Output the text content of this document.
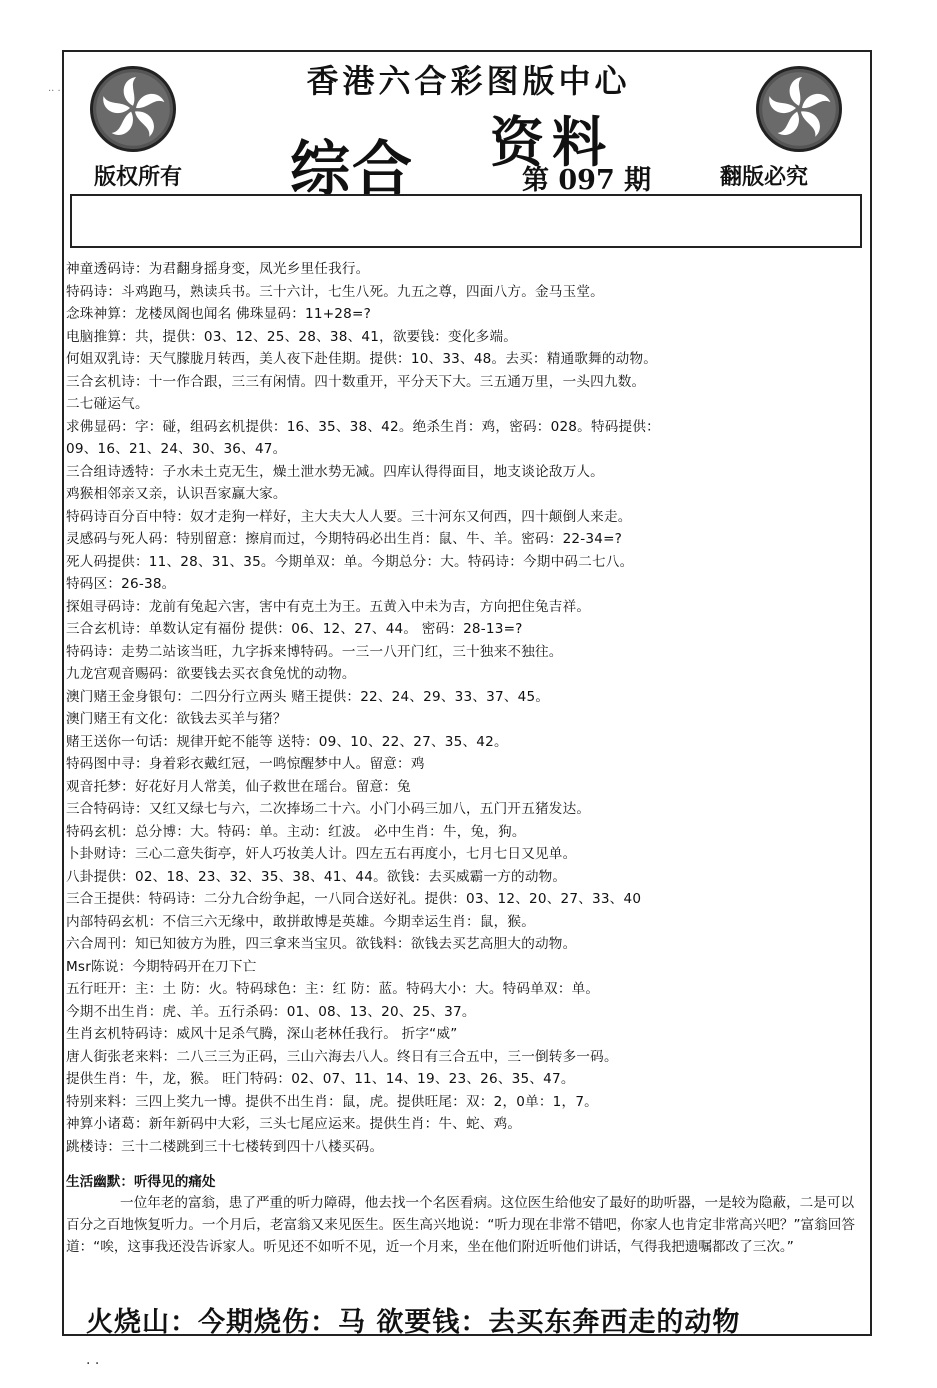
·· ·	香港六合彩图版中心
综合 资料
第 097 期
版权所有	翻版必究
神童透码诗：为君翻身摇身变，凤光乡里任我行。
特码诗：斗鸡跑马，熟读兵书。三十六计，七生八死。九五之尊，四面八方。金马玉堂。
念珠神算：龙楼凤阁也闻名 佛珠显码：11+28=?
电脑推算：共，提供：03、12、25、28、38、41，欲要钱：变化多端。
何姐双乳诗：天气朦胧月转西，美人夜下赴佳期。提供：10、33、48。去买：精通歌舞的动物。
三合玄机诗：十一作合跟，三三有闲情。四十数重开，平分天下大。三五通万里，一头四九数。
二七碰运气。
求佛显码：字：碰，组码玄机提供：16、35、38、42。绝杀生肖：鸡，密码：028。特码提供：
09、16、21、24、30、36、47。
三合组诗透特：子水未土克无生，燥土泄水势无减。四库认得得面目，地支谈论敌万人。
鸡猴相邻亲又亲，认识吾家赢大家。
特码诗百分百中特：奴才走狗一样好，主大夫大人人要。三十河东又何西，四十颠倒人来走。
灵感码与死人码：特别留意：擦肩而过，今期特码必出生肖：鼠、牛、羊。密码：22-34=?
死人码提供：11、28、31、35。今期单双：单。今期总分：大。特码诗：今期中码二七八。
特码区：26-38。
探姐寻码诗：龙前有兔起六害，害中有克土为王。五黄入中未为吉，方向把住兔吉祥。
三合玄机诗：单数认定有福份 提供：06、12、27、44。 密码：28-13=?
特码诗：走势二站该当旺，九字拆来博特码。一三一八开门红，三十独来不独往。
九龙宫观音赐码：欲要钱去买衣食兔忧的动物。
澳门赌王金身银句：二四分行立两头 赌王提供：22、24、29、33、37、45。
澳门赌王有文化：欲钱去买羊与猪？
赌王送你一句话：规律开蛇不能等 送特：09、10、22、27、35、42。
特码图中寻：身着彩衣戴红冠，一鸣惊醒梦中人。留意：鸡
观音托梦：好花好月人常美，仙子救世在瑶台。留意：兔
三合特码诗：又红又绿七与六，二次捧场二十六。小门小码三加八，五门开五猪发达。
特码玄机：总分博：大。特码：单。主动：红波。 必中生肖：牛，兔，狗。
卜卦财诗：三心二意失街亭，奸人巧妆美人计。四左五右再度小，七月七日又见单。
八卦提供：02、18、23、32、35、38、41、44。欲钱：去买威霸一方的动物。
三合王提供：特码诗：二分九合纷争起，一八同合送好礼。提供：03、12、20、27、33、40
内部特码玄机：不信三六无缘中，敢拼敢博是英雄。今期幸运生肖：鼠，猴。
六合周刊：知已知彼方为胜，四三拿来当宝贝。欲钱料：欲钱去买艺高胆大的动物。
Msr陈说：今期特码开在刀下亡
五行旺开：主：土 防：火。特码球色：主：红 防：蓝。特码大小：大。特码单双：单。
今期不出生肖：虎、羊。五行杀码：01、08、13、20、25、37。
生肖玄机特码诗：威风十足杀气腾，深山老林任我行。 折字“威”
唐人街张老来料：二八三三为正码，三山六海去八人。终日有三合五中，三一倒转多一码。
提供生肖：牛，龙，猴。 旺门特码：02、07、11、14、19、23、26、35、47。
特别来料：三四上奖九一博。提供不出生肖：鼠，虎。提供旺尾：双：2，0单：1，7。
神算小诸葛：新年新码中大彩，三头七尾应运来。提供生肖：牛、蛇、鸡。
跳楼诗：三十二楼跳到三十七楼转到四十八楼买码。
生活幽默：听得见的痛处
一位年老的富翁，患了严重的听力障碍，他去找一个名医看病。这位医生给他安了最好的助听器，一是较为隐蔽，二是可以百分之百地恢复听力。一个月后，老富翁又来见医生。医生高兴地说：“听力现在非常不错吧，你家人也肯定非常高兴吧？”富翁回答道：“唉，这事我还没告诉家人。听见还不如听不见，近一个月来，坐在他们附近听他们讲话，气得我把遗嘱都改了三次。”
火烧山：今期烧伤：马 欲要钱：去买东奔西走的动物
· ·
